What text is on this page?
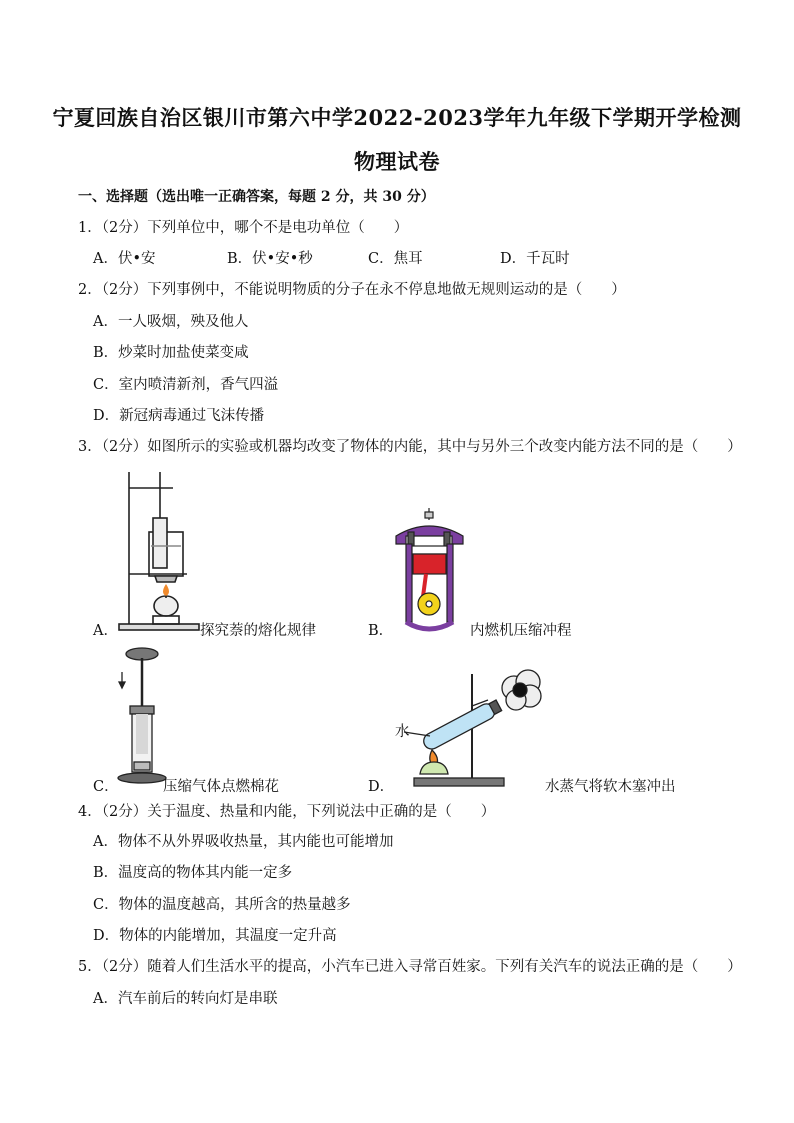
宁夏回族自治区银川市第六中学2022-2023学年九年级下学期开学检测
物理试卷
一、选择题（选出唯一正确答案，每题 2 分，共 30 分）
1．（2分）下列单位中，哪个不是电功单位（　　）
A．伏•安	B．伏•安•秒	C．焦耳	D．千瓦时
2．（2分）下列事例中，不能说明物质的分子在永不停息地做无规则运动的是（　　）
A．一人吸烟，殃及他人
B．炒菜时加盐使菜变咸
C．室内喷清新剂，香气四溢
D．新冠病毒通过飞沫传播
3．（2分）如图所示的实验或机器均改变了物体的内能，其中与另外三个改变内能方法不同的是（　　）
A．	探究萘的熔化规律	B．	内燃机压缩冲程
C．	压缩气体点燃棉花
水
D．	水蒸气将软木塞冲出
4．（2分）关于温度、热量和内能，下列说法中正确的是（　　）
A．物体不从外界吸收热量，其内能也可能增加
B．温度高的物体其内能一定多
C．物体的温度越高，其所含的热量越多
D．物体的内能增加，其温度一定升高
5．（2分）随着人们生活水平的提高，小汽车已进入寻常百姓家。下列有关汽车的说法正确的是（　　）
A．汽车前后的转向灯是串联
